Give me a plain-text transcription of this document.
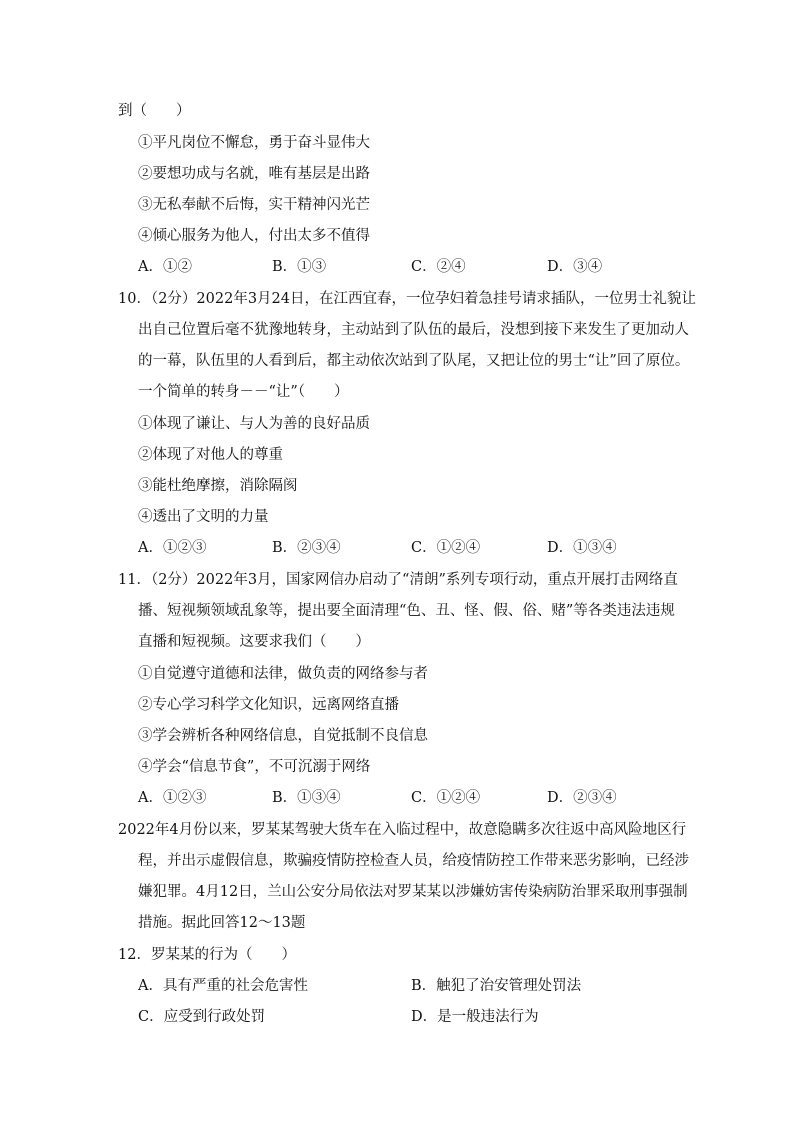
到（　　）
①平凡岗位不懈怠，勇于奋斗显伟大
②要想功成与名就，唯有基层是出路
③无私奉献不后悔，实干精神闪光芒
④倾心服务为他人，付出太多不值得
A．①②	B．①③	C．②④	D．③④
10．（2分）2022年3月24日，在江西宜春，一位孕妇着急挂号请求插队，一位男士礼貌让
出自己位置后毫不犹豫地转身，主动站到了队伍的最后，没想到接下来发生了更加动人
的一幕，队伍里的人看到后，都主动依次站到了队尾，又把让位的男士“让”回了原位。
一个简单的转身－－“让”（　　）
①体现了谦让、与人为善的良好品质
②体现了对他人的尊重
③能杜绝摩擦，消除隔阂
④透出了文明的力量
A．①②③	B．②③④	C．①②④	D．①③④
11．（2分）2022年3月，国家网信办启动了“清朗”系列专项行动，重点开展打击网络直
播、短视频领域乱象等，提出要全面清理“色、丑、怪、假、俗、赌”等各类违法违规
直播和短视频。这要求我们（　　）
①自觉遵守道德和法律，做负责的网络参与者
②专心学习科学文化知识，远离网络直播
③学会辨析各种网络信息，自觉抵制不良信息
④学会“信息节食”，不可沉溺于网络
A．①②③	B．①③④	C．①②④	D．②③④
2022年4月份以来，罗某某驾驶大货车在入临过程中，故意隐瞒多次往返中高风险地区行
程，并出示虚假信息，欺骗疫情防控检查人员，给疫情防控工作带来恶劣影响，已经涉
嫌犯罪。4月12日，兰山公安分局依法对罗某某以涉嫌妨害传染病防治罪采取刑事强制
措施。据此回答12～13题
12．罗某某的行为（　　）
A．具有严重的社会危害性	B．触犯了治安管理处罚法
C．应受到行政处罚	D．是一般违法行为
